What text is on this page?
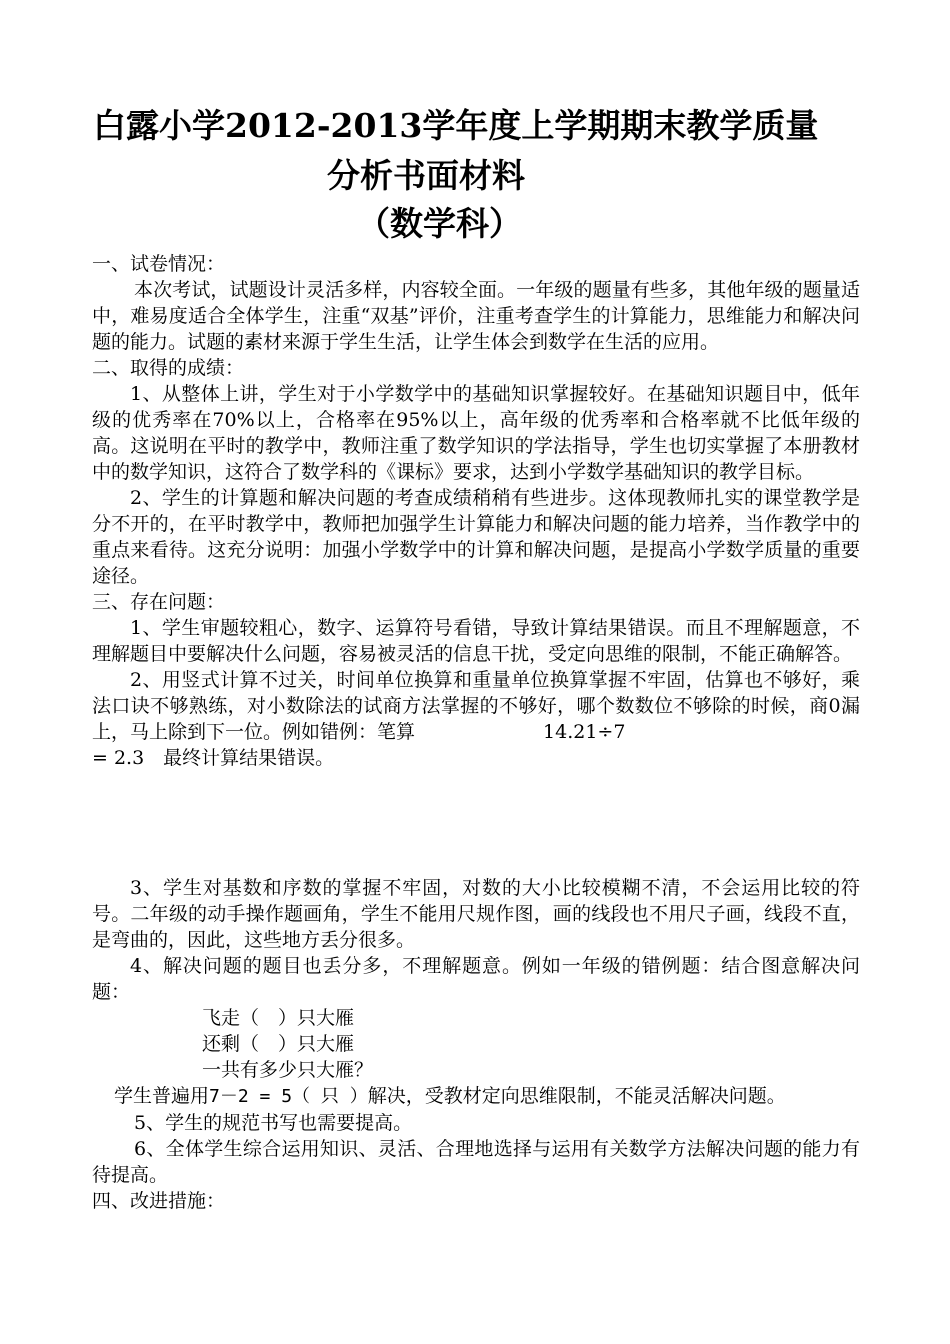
白露小学2012-2013学年度上学期期末教学质量
分析书面材料
（数学科）

一、试卷情况：

本次考试，试题设计灵活多样，内容较全面。一年级的题量有些多，其他年级的题量适中，难易度适合全体学生，注重“双基”评价，注重考查学生的计算能力，思维能力和解决问题的能力。试题的素材来源于学生生活，让学生体会到数学在生活的应用。

二、取得的成绩：

1、从整体上讲，学生对于小学数学中的基础知识掌握较好。在基础知识题目中，低年级的优秀率在70%以上，合格率在95%以上，高年级的优秀率和合格率就不比低年级的高。这说明在平时的教学中，教师注重了数学知识的学法指导，学生也切实掌握了本册教材中的数学知识，这符合了数学科的《课标》要求，达到小学数学基础知识的教学目标。

2、学生的计算题和解决问题的考查成绩稍稍有些进步。这体现教师扎实的课堂教学是分不开的，在平时教学中，教师把加强学生计算能力和解决问题的能力培养，当作教学中的重点来看待。这充分说明：加强小学数学中的计算和解决问题，是提高小学数学质量的重要途径。

三、存在问题：

1、学生审题较粗心，数字、运算符号看错，导致计算结果错误。而且不理解题意，不理解题目中要解决什么问题，容易被灵活的信息干扰，受定向思维的限制，不能正确解答。

2、用竖式计算不过关，时间单位换算和重量单位换算掌握不牢固，估算也不够好，乘法口诀不够熟练，对小数除法的试商方法掌握的不够好，哪个数数位不够除的时候，商0漏上，马上除到下一位。例如错例：笔算	14.21÷7

= 2.3　最终计算结果错误。

3、学生对基数和序数的掌握不牢固，对数的大小比较模糊不清，不会运用比较的符号。二年级的动手操作题画角，学生不能用尺规作图，画的线段也不用尺子画，线段不直，是弯曲的，因此，这些地方丢分很多。

4、解决问题的题目也丢分多，不理解题意。例如一年级的错例题：结合图意解决问题：

飞走（　）只大雁

还剩（　）只大雁

一共有多少只大雁？

学生普遍用7－2 = 5（ 只 ）解决，受教材定向思维限制，不能灵活解决问题。

5、学生的规范书写也需要提高。

6、全体学生综合运用知识、灵活、合理地选择与运用有关数学方法解决问题的能力有待提高。

四、改进措施：
